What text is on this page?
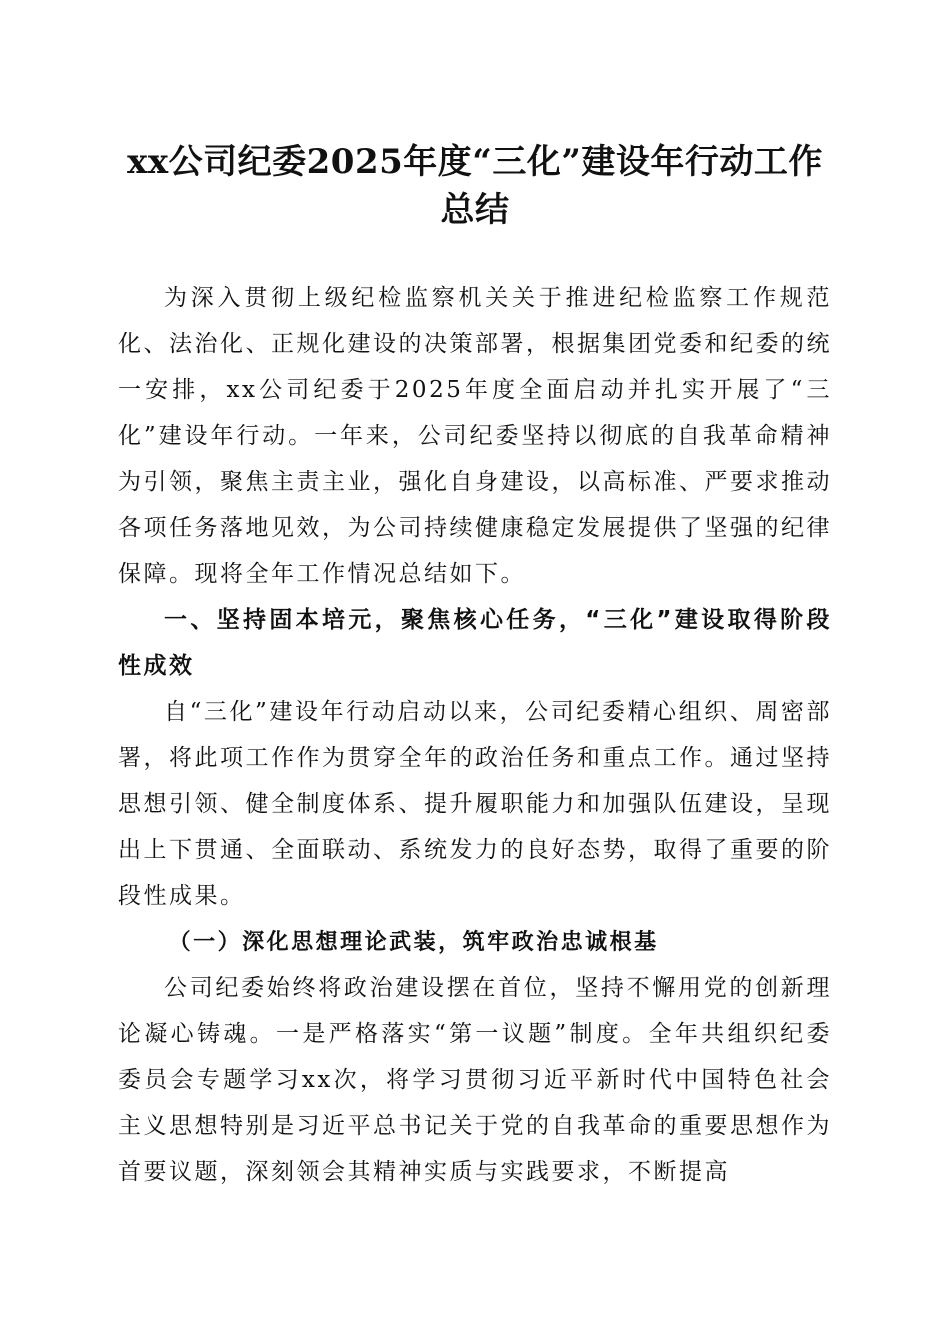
xx公司纪委2025年度“三化”建设年行动工作总结

为深入贯彻上级纪检监察机关关于推进纪检监察工作规范化、法治化、正规化建设的决策部署，根据集团党委和纪委的统一安排，xx公司纪委于2025年度全面启动并扎实开展了“三化”建设年行动。一年来，公司纪委坚持以彻底的自我革命精神为引领，聚焦主责主业，强化自身建设，以高标准、严要求推动各项任务落地见效，为公司持续健康稳定发展提供了坚强的纪律保障。现将全年工作情况总结如下。

一、坚持固本培元，聚焦核心任务，“三化”建设取得阶段性成效

自“三化”建设年行动启动以来，公司纪委精心组织、周密部署，将此项工作作为贯穿全年的政治任务和重点工作。通过坚持思想引领、健全制度体系、提升履职能力和加强队伍建设，呈现出上下贯通、全面联动、系统发力的良好态势，取得了重要的阶段性成果。

（一）深化思想理论武装，筑牢政治忠诚根基

公司纪委始终将政治建设摆在首位，坚持不懈用党的创新理论凝心铸魂。一是严格落实“第一议题”制度。全年共组织纪委委员会专题学习xx次，将学习贯彻习近平新时代中国特色社会主义思想特别是习近平总书记关于党的自我革命的重要思想作为首要议题，深刻领会其精神实质与实践要求，不断提高
